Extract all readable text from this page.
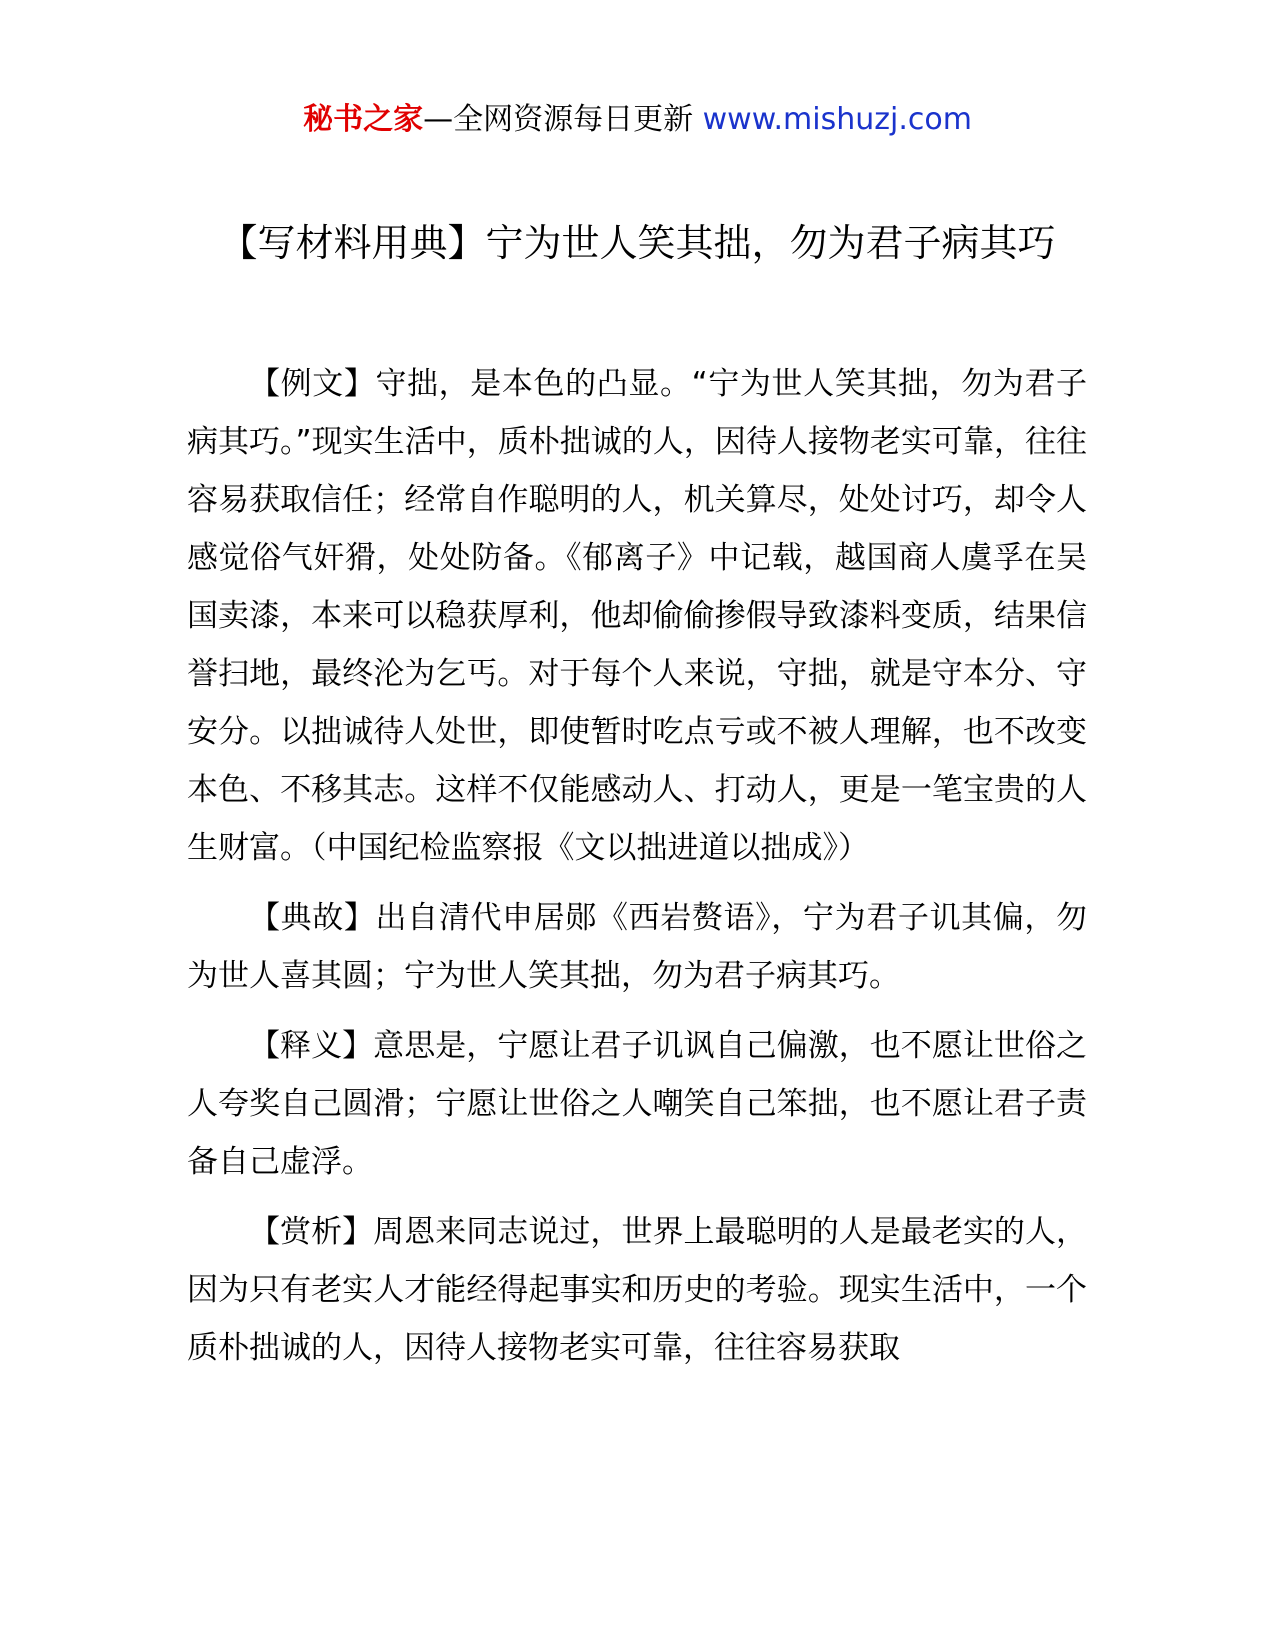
秘书之家—全网资源每日更新 www.mishuzj.com
【写材料用典】宁为世人笑其拙，勿为君子病其巧

【例文】守拙，是本色的凸显。“宁为世人笑其拙，勿为君子病其巧。”现实生活中，质朴拙诚的人，因待人接物老实可靠，往往容易获取信任；经常自作聪明的人，机关算尽，处处讨巧，却令人感觉俗气奸猾，处处防备。《郁离子》中记载，越国商人虞孚在吴国卖漆，本来可以稳获厚利，他却偷偷掺假导致漆料变质，结果信誉扫地，最终沦为乞丐。对于每个人来说，守拙，就是守本分、守安分。以拙诚待人处世，即使暂时吃点亏或不被人理解，也不改变本色、不移其志。这样不仅能感动人、打动人，更是一笔宝贵的人生财富。（中国纪检监察报《文以拙进道以拙成》）

【典故】出自清代申居郧《西岩赘语》，宁为君子讥其偏，勿为世人喜其圆；宁为世人笑其拙，勿为君子病其巧。

【释义】意思是，宁愿让君子讥讽自己偏激，也不愿让世俗之人夸奖自己圆滑；宁愿让世俗之人嘲笑自己笨拙，也不愿让君子责备自己虚浮。

【赏析】周恩来同志说过，世界上最聪明的人是最老实的人，因为只有老实人才能经得起事实和历史的考验。现实生活中，一个质朴拙诚的人，因待人接物老实可靠，往往容易获取
